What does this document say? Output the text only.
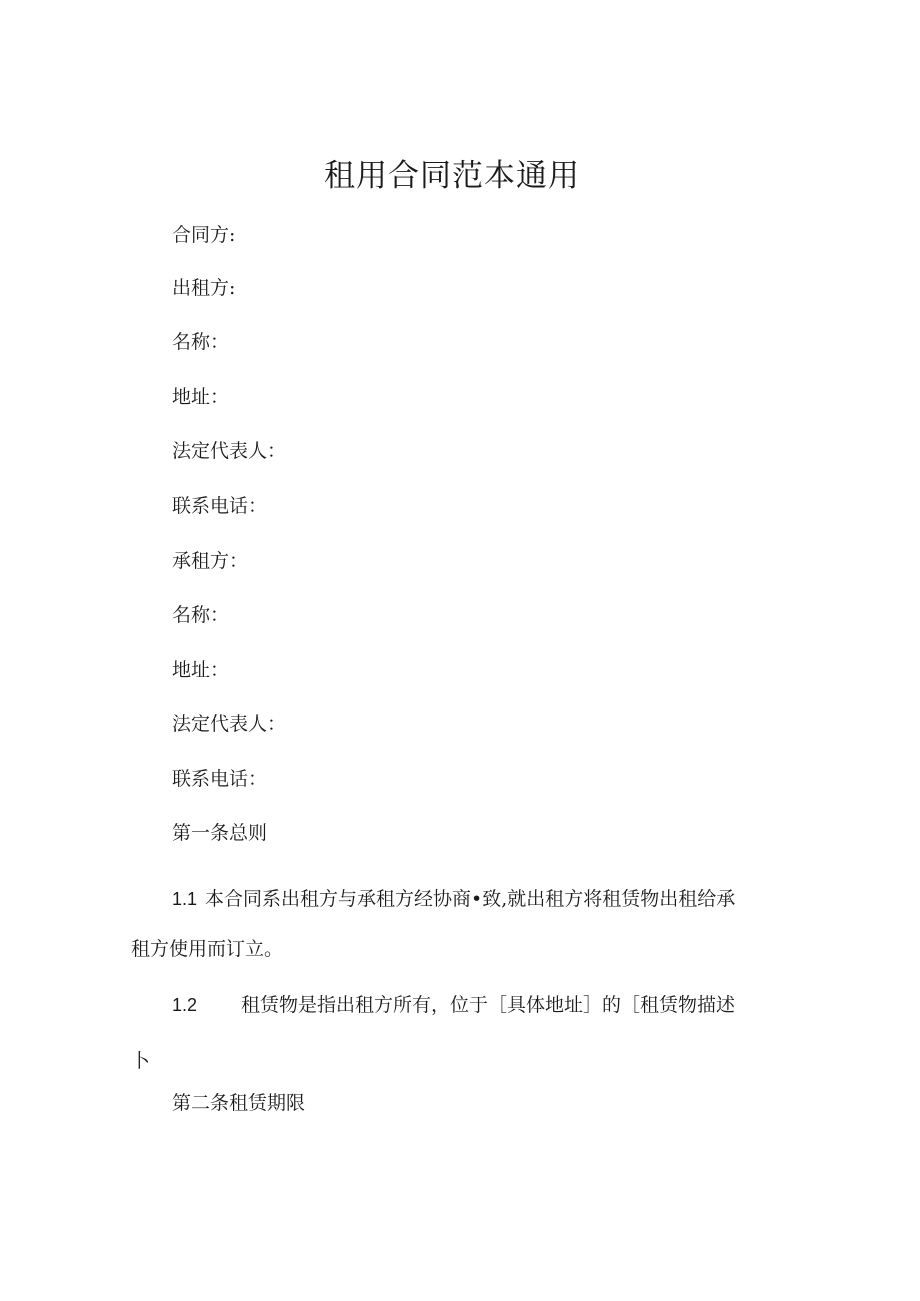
租用合同范本通用
合同方:
出租方:
名称：
地址：
法定代表人：
联系电话：
承租方：
名称：
地址：
法定代表人：
联系电话：
第一条总则
1.1 本合同系出租方与承租方经协商•致,就出租方将租赁物出租给承
租方使用而订立。
1.2 租赁物是指出租方所有，位于［具体地址］的［租赁物描述
卜
第二条租赁期限
